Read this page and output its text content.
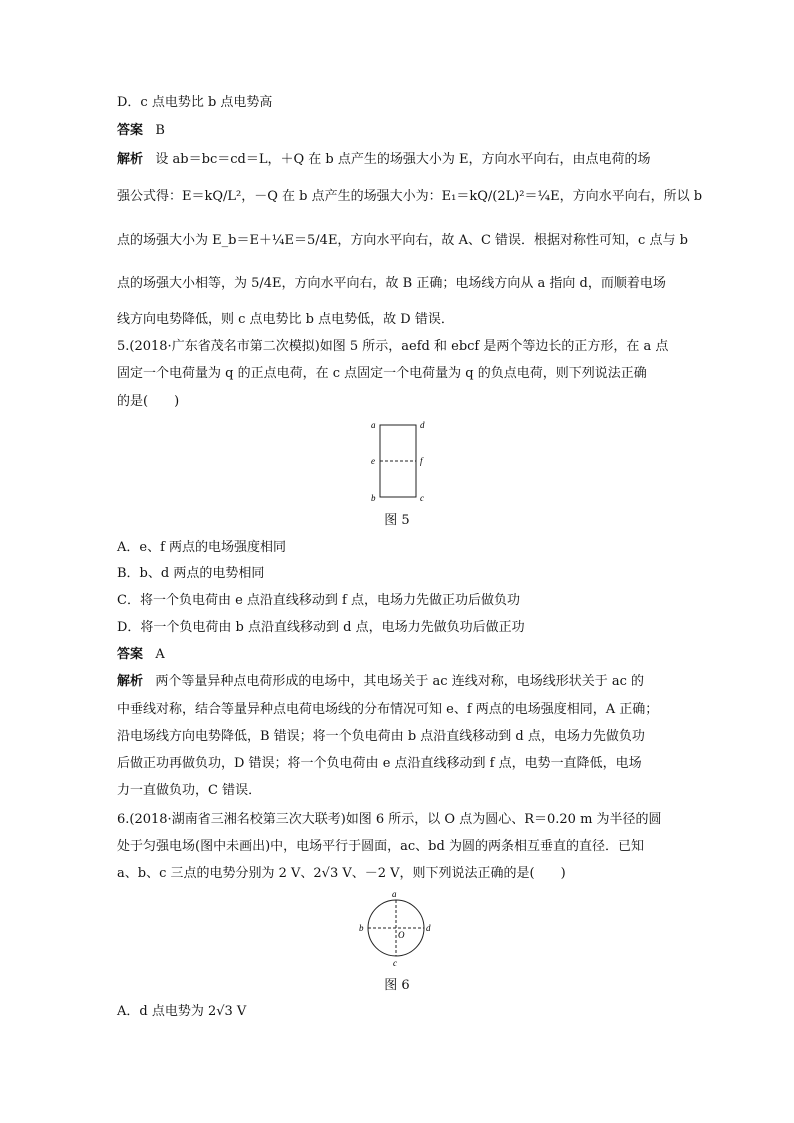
D．c 点电势比 b 点电势高
答案 B
解析 设 ab＝bc＝cd＝L，＋Q 在 b 点产生的场强大小为 E，方向水平向右，由点电荷的场
强公式得：E＝kQ/L²，－Q 在 b 点产生的场强大小为：E₁＝kQ/(2L)²＝¼E，方向水平向右，所以 b
点的场强大小为 E_b＝E＋¼E＝5/4E，方向水平向右，故 A、C 错误．根据对称性可知，c 点与 b
点的场强大小相等，为 5/4E，方向水平向右，故 B 正确；电场线方向从 a 指向 d，而顺着电场
线方向电势降低，则 c 点电势比 b 点电势低，故 D 错误．
5.(2018·广东省茂名市第二次模拟)如图 5 所示，aefd 和 ebcf 是两个等边长的正方形，在 a 点
固定一个电荷量为 q 的正点电荷，在 c 点固定一个电荷量为 q 的负点电荷，则下列说法正确
的是(　　)
a	d
e	f
b	c
图 5
A．e、f 两点的电场强度相同
B．b、d 两点的电势相同
C．将一个负电荷由 e 点沿直线移动到 f 点，电场力先做正功后做负功
D．将一个负电荷由 b 点沿直线移动到 d 点，电场力先做负功后做正功
答案 A
解析 两个等量异种点电荷形成的电场中，其电场关于 ac 连线对称，电场线形状关于 ac 的
中垂线对称，结合等量异种点电荷电场线的分布情况可知 e、f 两点的电场强度相同，A 正确；
沿电场线方向电势降低，B 错误；将一个负电荷由 b 点沿直线移动到 d 点，电场力先做负功
后做正功再做负功，D 错误；将一个负电荷由 e 点沿直线移动到 f 点，电势一直降低，电场
力一直做负功，C 错误．
6.(2018·湖南省三湘名校第三次大联考)如图 6 所示，以 O 点为圆心、R＝0.20 m 为半径的圆
处于匀强电场(图中未画出)中，电场平行于圆面，ac、bd 为圆的两条相互垂直的直径．已知
a、b、c 三点的电势分别为 2 V、2√3 V、－2 V，则下列说法正确的是(　　)
a
b	d
c
O
图 6
A．d 点电势为 2√3 V
